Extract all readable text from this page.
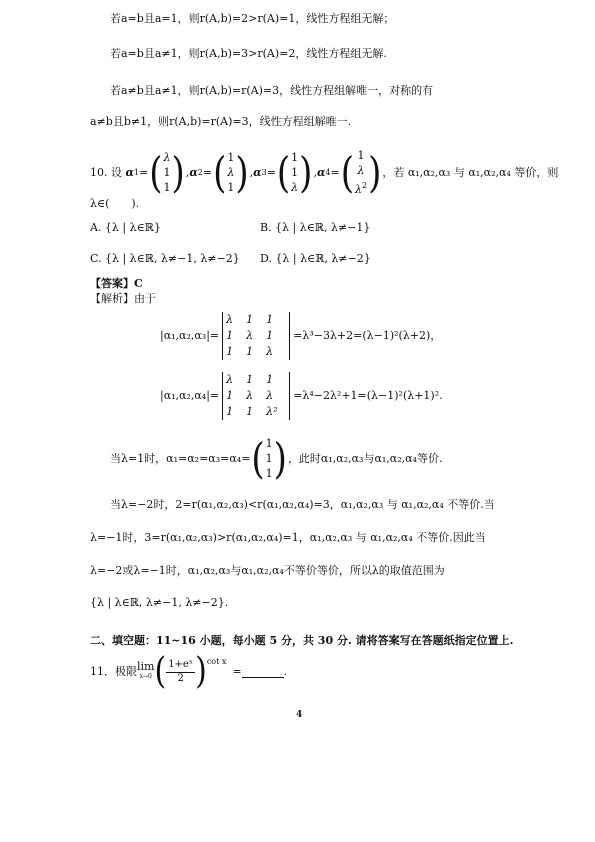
若a=b且a=1，则r(A,b)=2>r(A)=1，线性方程组无解；
若a=b且a≠1，则r(A,b)=3>r(A)=2，线性方程组无解.
若a≠b且a≠1，则r(A,b)=r(A)=3，线性方程组解唯一，对称的有
a≠b且b≠1，则r(A,b)=r(A)=3，线性方程组解唯一.
10.
设
α 1 = ( λ
1
1 ) , α 2 = ( 1
λ
1 ) , α 3 = ( 1
1
λ ) , α 4 = ( 1
λ
$\lambda^2$ ) ，若 α₁,α₂,α₃ 与 α₁,α₂,α₄ 等价，则
λ∈(　　).
A. {λ | λ∈ℝ}	B. {λ | λ∈ℝ, λ≠−1}
C. {λ | λ∈ℝ, λ≠−1, λ≠−2} D. {λ | λ∈ℝ, λ≠−2}
【答案】C
【解析】由于
|α₁,α₂,α₃|=
λ	1	1
1	λ	1
1	1	λ
=λ³−3λ+2=(λ−1)²(λ+2)，
|α₁,α₂,α₄|=
λ	1	1
1	λ	λ
1	1	λ²
=λ⁴−2λ²+1=(λ−1)²(λ+1)².
当λ=1时，α₁=α₂=α₃=α₄= ( 1
1
1 ) ，此时α₁,α₂,α₃与α₁,α₂,α₄等价.
当λ=−2时，2=r(α₁,α₂,α₃)<r(α₁,α₂,α₄)=3，α₁,α₂,α₃ 与 α₁,α₂,α₄ 不等价.当
λ=−1时，3=r(α₁,α₂,α₃)>r(α₁,α₂,α₄)=1，α₁,α₂,α₃ 与 α₁,α₂,α₄ 不等价.因此当
λ=−2或λ=−1时，α₁,α₂,α₃与α₁,α₂,α₄不等价等价，所以λ的取值范围为
{λ | λ∈ℝ, λ≠−1, λ≠−2}.
二、填空题：11~16 小题，每小题 5 分，共 30 分. 请将答案写在答题纸指定位置上.
11．极限 lim
x→0 ( $\frac{\text{1+eˣ}}{2}$ ) cot x
=	.
4
